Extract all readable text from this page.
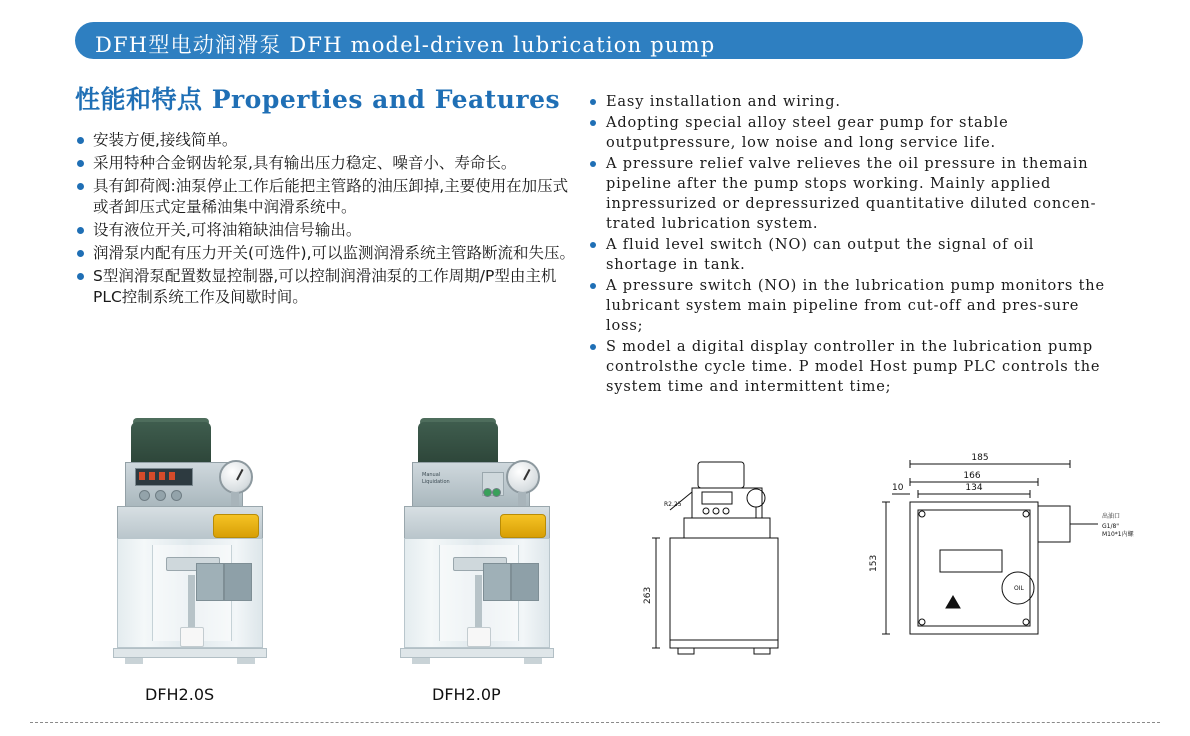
DFH型电动润滑泵 DFH model-driven lubrication pump
性能和特点 Properties and Features
安装方便,接线简单。
采用特种合金钢齿轮泵,具有输出压力稳定、噪音小、寿命长。
具有卸荷阀:油泵停止工作后能把主管路的油压卸掉,主要使用在加压式或者卸压式定量稀油集中润滑系统中。
设有液位开关,可将油箱缺油信号输出。
润滑泵内配有压力开关(可选件),可以监测润滑系统主管路断流和失压。
S型润滑泵配置数显控制器,可以控制润滑油泵的工作周期/P型由主机PLC控制系统工作及间歇时间。
Easy installation and wiring.
Adopting special alloy steel gear pump for stable outputpressure, low noise and long service life.
A pressure relief valve relieves the oil pressure in themain pipeline after the pump stops working. Mainly applied inpressurized or depressurized quantitative diluted concen-trated lubrication system.
A fluid level switch (NO) can output the signal of oil shortage in tank.
A pressure switch (NO) in the lubrication pump monitors the lubricant system main pipeline from cut-off and pres-sure loss;
S model a digital display controller in the lubrication pump controlsthe cycle time. P model Host pump PLC controls the system time and intermittent time;
Manual
Liquidation
DFH2.0S	DFH2.0P
263
R2.25
185
166
134
10
153
OIL
出油口
G1/8"
M10*1内螺
